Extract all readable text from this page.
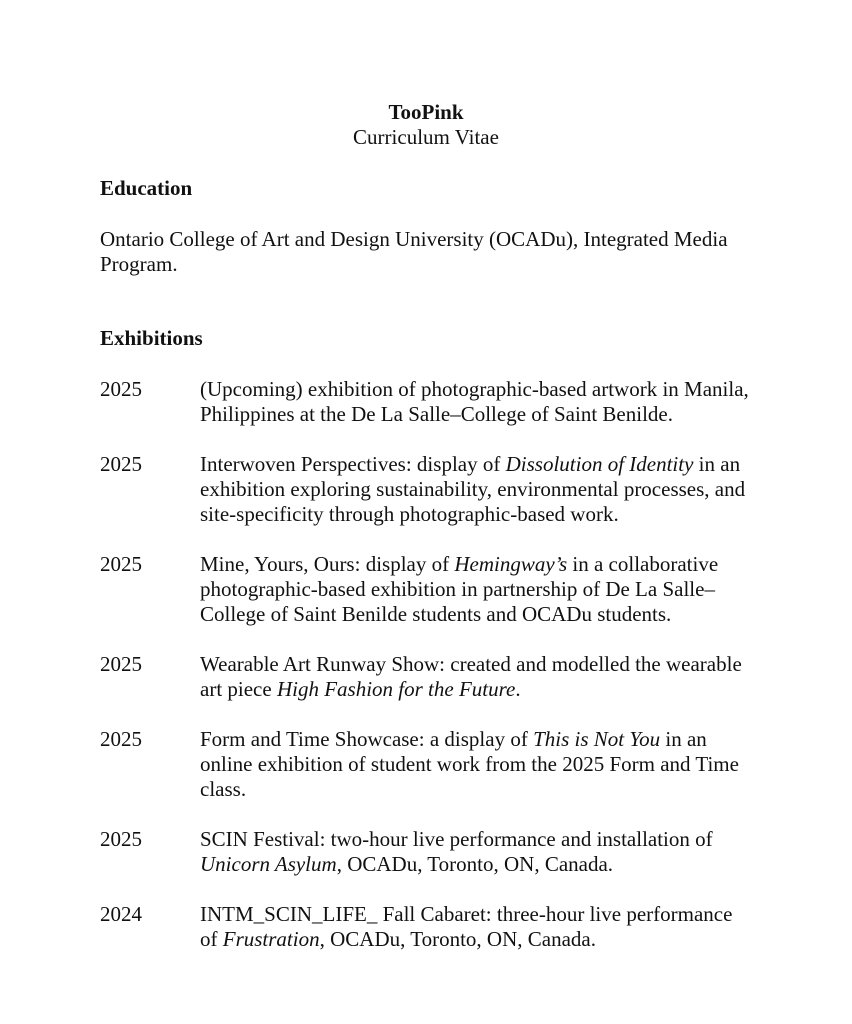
TooPink

Curriculum Vitae

Education

Ontario College of Art and Design University (OCADu), Integrated Media Program.

Exhibitions
2025	(Upcoming) exhibition of photographic-based artwork in Manila, Philippines at the De La Salle–College of Saint Benilde.
2025	Interwoven Perspectives: display of Dissolution of Identity in an exhibition exploring sustainability, environmental processes, and site-specificity through photographic-based work.
2025	Mine, Yours, Ours: display of Hemingway’s in a collaborative photographic-based exhibition in partnership of De La Salle–College of Saint Benilde students and OCADu students.
2025	Wearable Art Runway Show: created and modelled the wearable art piece High Fashion for the Future.
2025	Form and Time Showcase: a display of This is Not You in an online exhibition of student work from the 2025 Form and Time class.
2025	SCIN Festival: two-hour live performance and installation of Unicorn Asylum, OCADu, Toronto, ON, Canada.
2024	INTM_SCIN_LIFE_ Fall Cabaret: three-hour live performance of Frustration, OCADu, Toronto, ON, Canada.
